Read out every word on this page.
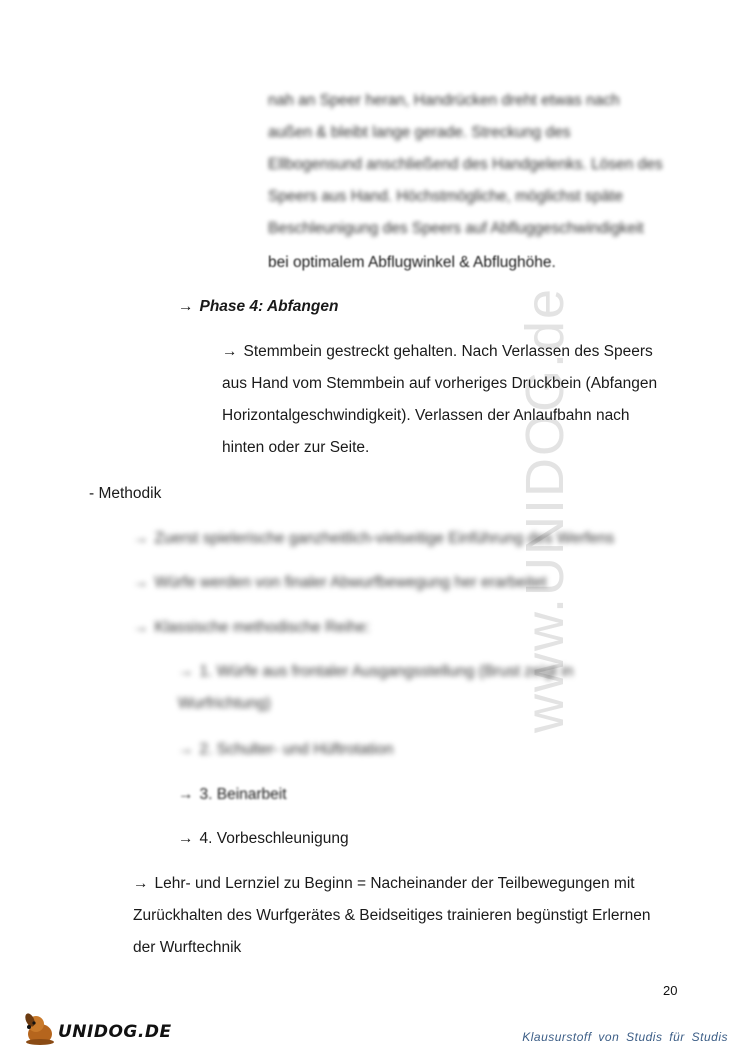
www.UNIDOG.de
nah an Speer heran, Handrücken dreht etwas nach
außen & bleibt lange gerade. Streckung des
Ellbogensund anschließend des Handgelenks. Lösen des
Speers aus Hand. Höchstmögliche, möglichst späte
Beschleunigung des Speers auf Abfluggeschwindigkeit
bei optimalem Abflugwinkel & Abflughöhe.
→ Phase 4: Abfangen
→ Stemmbein gestreckt gehalten. Nach Verlassen des Speers
aus Hand vom Stemmbein auf vorheriges Druckbein (Abfangen
Horizontalgeschwindigkeit). Verlassen der Anlaufbahn nach
hinten oder zur Seite.
- Methodik
→ Zuerst spielerische ganzheitlich-vielseitige Einführung des Werfens
→ Würfe werden von finaler Abwurfbewegung her erarbeitet
→ Klassische methodische Reihe:
→ 1. Würfe aus frontaler Ausgangsstellung (Brust zeigt in
Wurfrichtung)
→ 2. Schulter- und Hüftrotation
→ 3. Beinarbeit
→ 4. Vorbeschleunigung
→ Lehr- und Lernziel zu Beginn = Nacheinander der Teilbewegungen mit
Zurückhalten des Wurfgerätes & Beidseitiges trainieren begünstigt Erlernen
der Wurftechnik
20
UNIDOG.DE	Klausurstoff von Studis für Studis
